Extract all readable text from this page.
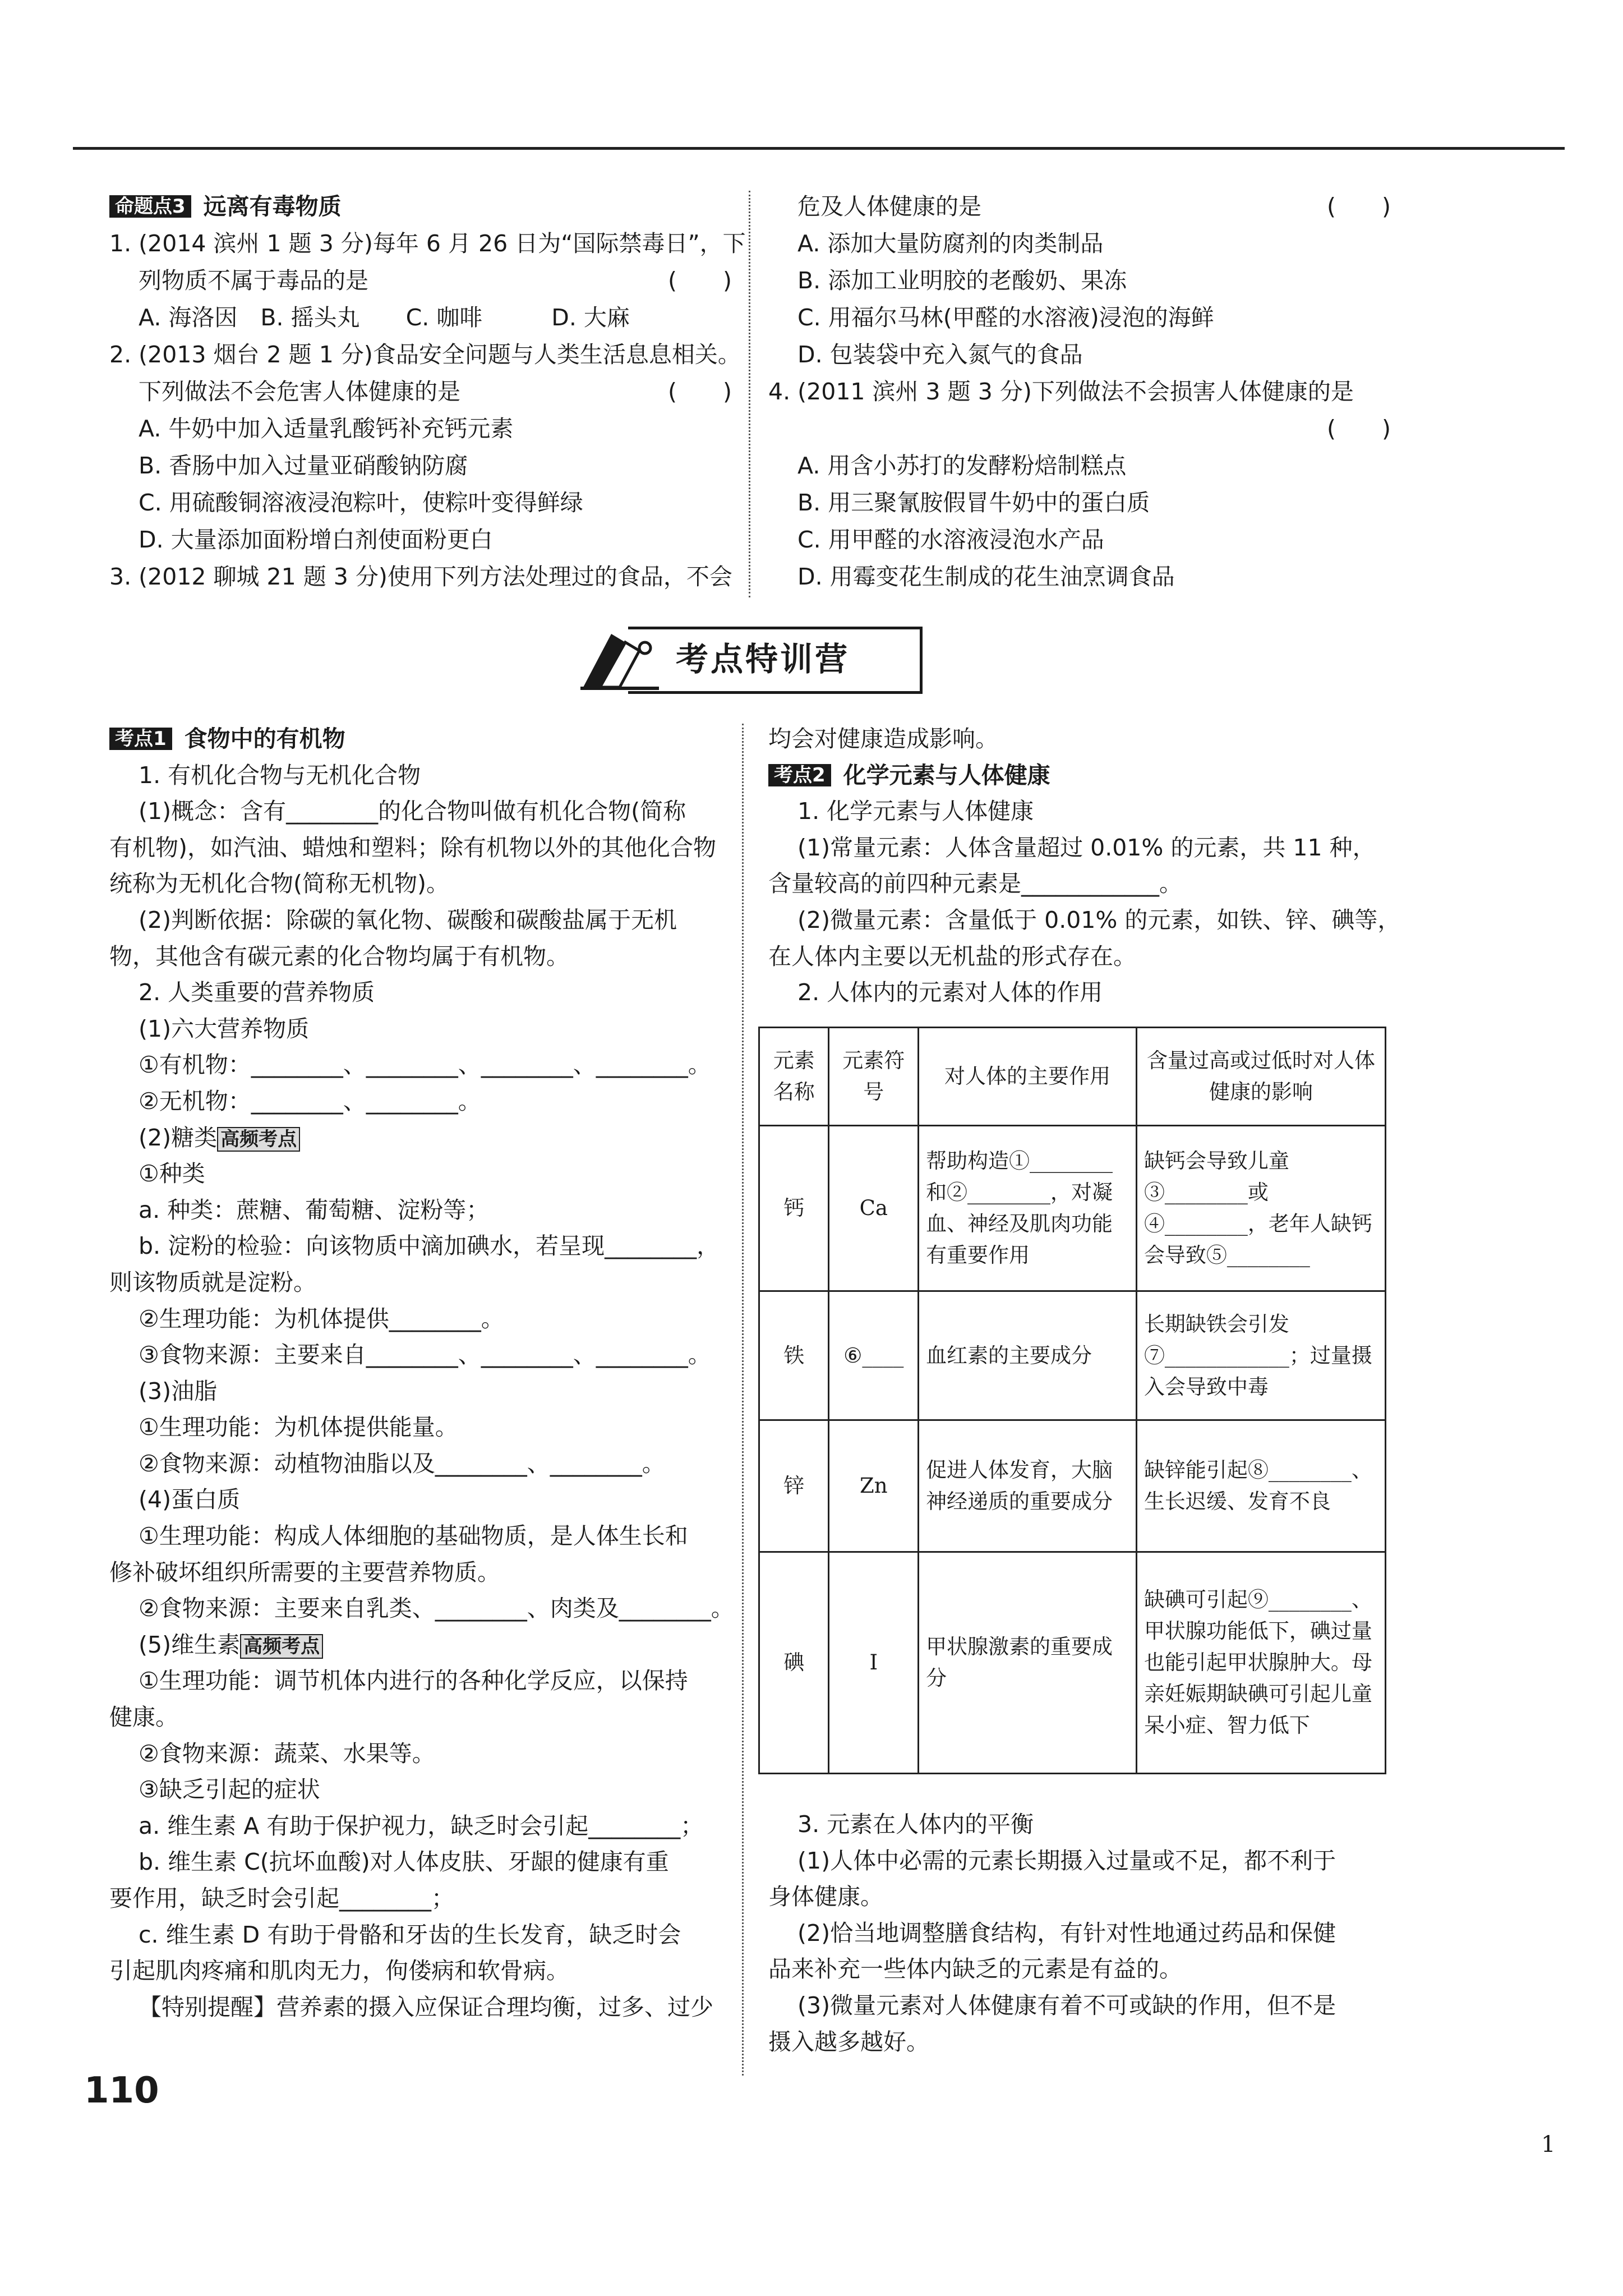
命题点3 远离有毒物质

1. (2014 滨州 1 题 3 分)每年 6 月 26 日为“国际禁毒日”，下

列物质不属于毒品的是	(　　)

A. 海洛因　B. 摇头丸　　C. 咖啡　　　D. 大麻

2. (2013 烟台 2 题 1 分)食品安全问题与人类生活息息相关。

下列做法不会危害人体健康的是	(　　)

A. 牛奶中加入适量乳酸钙补充钙元素

B. 香肠中加入过量亚硝酸钠防腐

C. 用硫酸铜溶液浸泡粽叶，使粽叶变得鲜绿

D. 大量添加面粉增白剂使面粉更白

3. (2012 聊城 21 题 3 分)使用下列方法处理过的食品，不会

危及人体健康的是	(　　)

A. 添加大量防腐剂的肉类制品

B. 添加工业明胶的老酸奶、果冻

C. 用福尔马林(甲醛的水溶液)浸泡的海鲜

D. 包装袋中充入氮气的食品

4. (2011 滨州 3 题 3 分)下列做法不会损害人体健康的是

(　　)

A. 用含小苏打的发酵粉焙制糕点

B. 用三聚氰胺假冒牛奶中的蛋白质

C. 用甲醛的水溶液浸泡水产品

D. 用霉变花生制成的花生油烹调食品

考点特训营

考点1 食物中的有机物

1. 有机化合物与无机化合物

(1)概念：含有________的化合物叫做有机化合物(简称

有机物)，如汽油、蜡烛和塑料；除有机物以外的其他化合物

统称为无机化合物(简称无机物)。

(2)判断依据：除碳的氧化物、碳酸和碳酸盐属于无机

物，其他含有碳元素的化合物均属于有机物。

2. 人类重要的营养物质

(1)六大营养物质

①有机物：________、________、________、________。

②无机物：________、________。

(2)糖类 高频考点

①种类

a. 种类：蔗糖、葡萄糖、淀粉等；

b. 淀粉的检验：向该物质中滴加碘水，若呈现________，

则该物质就是淀粉。

②生理功能：为机体提供________。

③食物来源：主要来自________、________、________。

(3)油脂

①生理功能：为机体提供能量。

②食物来源：动植物油脂以及________、________。

(4)蛋白质

①生理功能：构成人体细胞的基础物质，是人体生长和

修补破坏组织所需要的主要营养物质。

②食物来源：主要来自乳类、________、肉类及________。

(5)维生素 高频考点

①生理功能：调节机体内进行的各种化学反应，以保持

健康。

②食物来源：蔬菜、水果等。

③缺乏引起的症状

a. 维生素 A 有助于保护视力，缺乏时会引起________；

b. 维生素 C(抗坏血酸)对人体皮肤、牙龈的健康有重

要作用，缺乏时会引起________；

c. 维生素 D 有助于骨骼和牙齿的生长发育，缺乏时会

引起肌肉疼痛和肌肉无力，佝偻病和软骨病。

【特别提醒】营养素的摄入应保证合理均衡，过多、过少

均会对健康造成影响。

考点2 化学元素与人体健康

1. 化学元素与人体健康

(1)常量元素：人体含量超过 0.01% 的元素，共 11 种，

含量较高的前四种元素是____________。

(2)微量元素：含量低于 0.01% 的元素，如铁、锌、碘等，

在人体内主要以无机盐的形式存在。

2. 人体内的元素对人体的作用

元素名称	元素符号	对人体的主要作用	含量过高或过低时对人体健康的影响
钙	Ca	帮助构造①________和②________，对凝血、神经及肌肉功能有重要作用	缺钙会导致儿童③________或④________，老年人缺钙会导致⑤________
铁	⑥____	血红素的主要成分	长期缺铁会引发⑦____________；过量摄入会导致中毒
锌	Zn	促进人体发育，大脑神经递质的重要成分	缺锌能引起⑧________、生长迟缓、发育不良
碘	I	甲状腺激素的重要成分	缺碘可引起⑨________、甲状腺功能低下，碘过量也能引起甲状腺肿大。母亲妊娠期缺碘可引起儿童呆小症、智力低下

3. 元素在人体内的平衡

(1)人体中必需的元素长期摄入过量或不足，都不利于

身体健康。

(2)恰当地调整膳食结构，有针对性地通过药品和保健

品来补充一些体内缺乏的元素是有益的。

(3)微量元素对人体健康有着不可或缺的作用，但不是

摄入越多越好。

110
1
